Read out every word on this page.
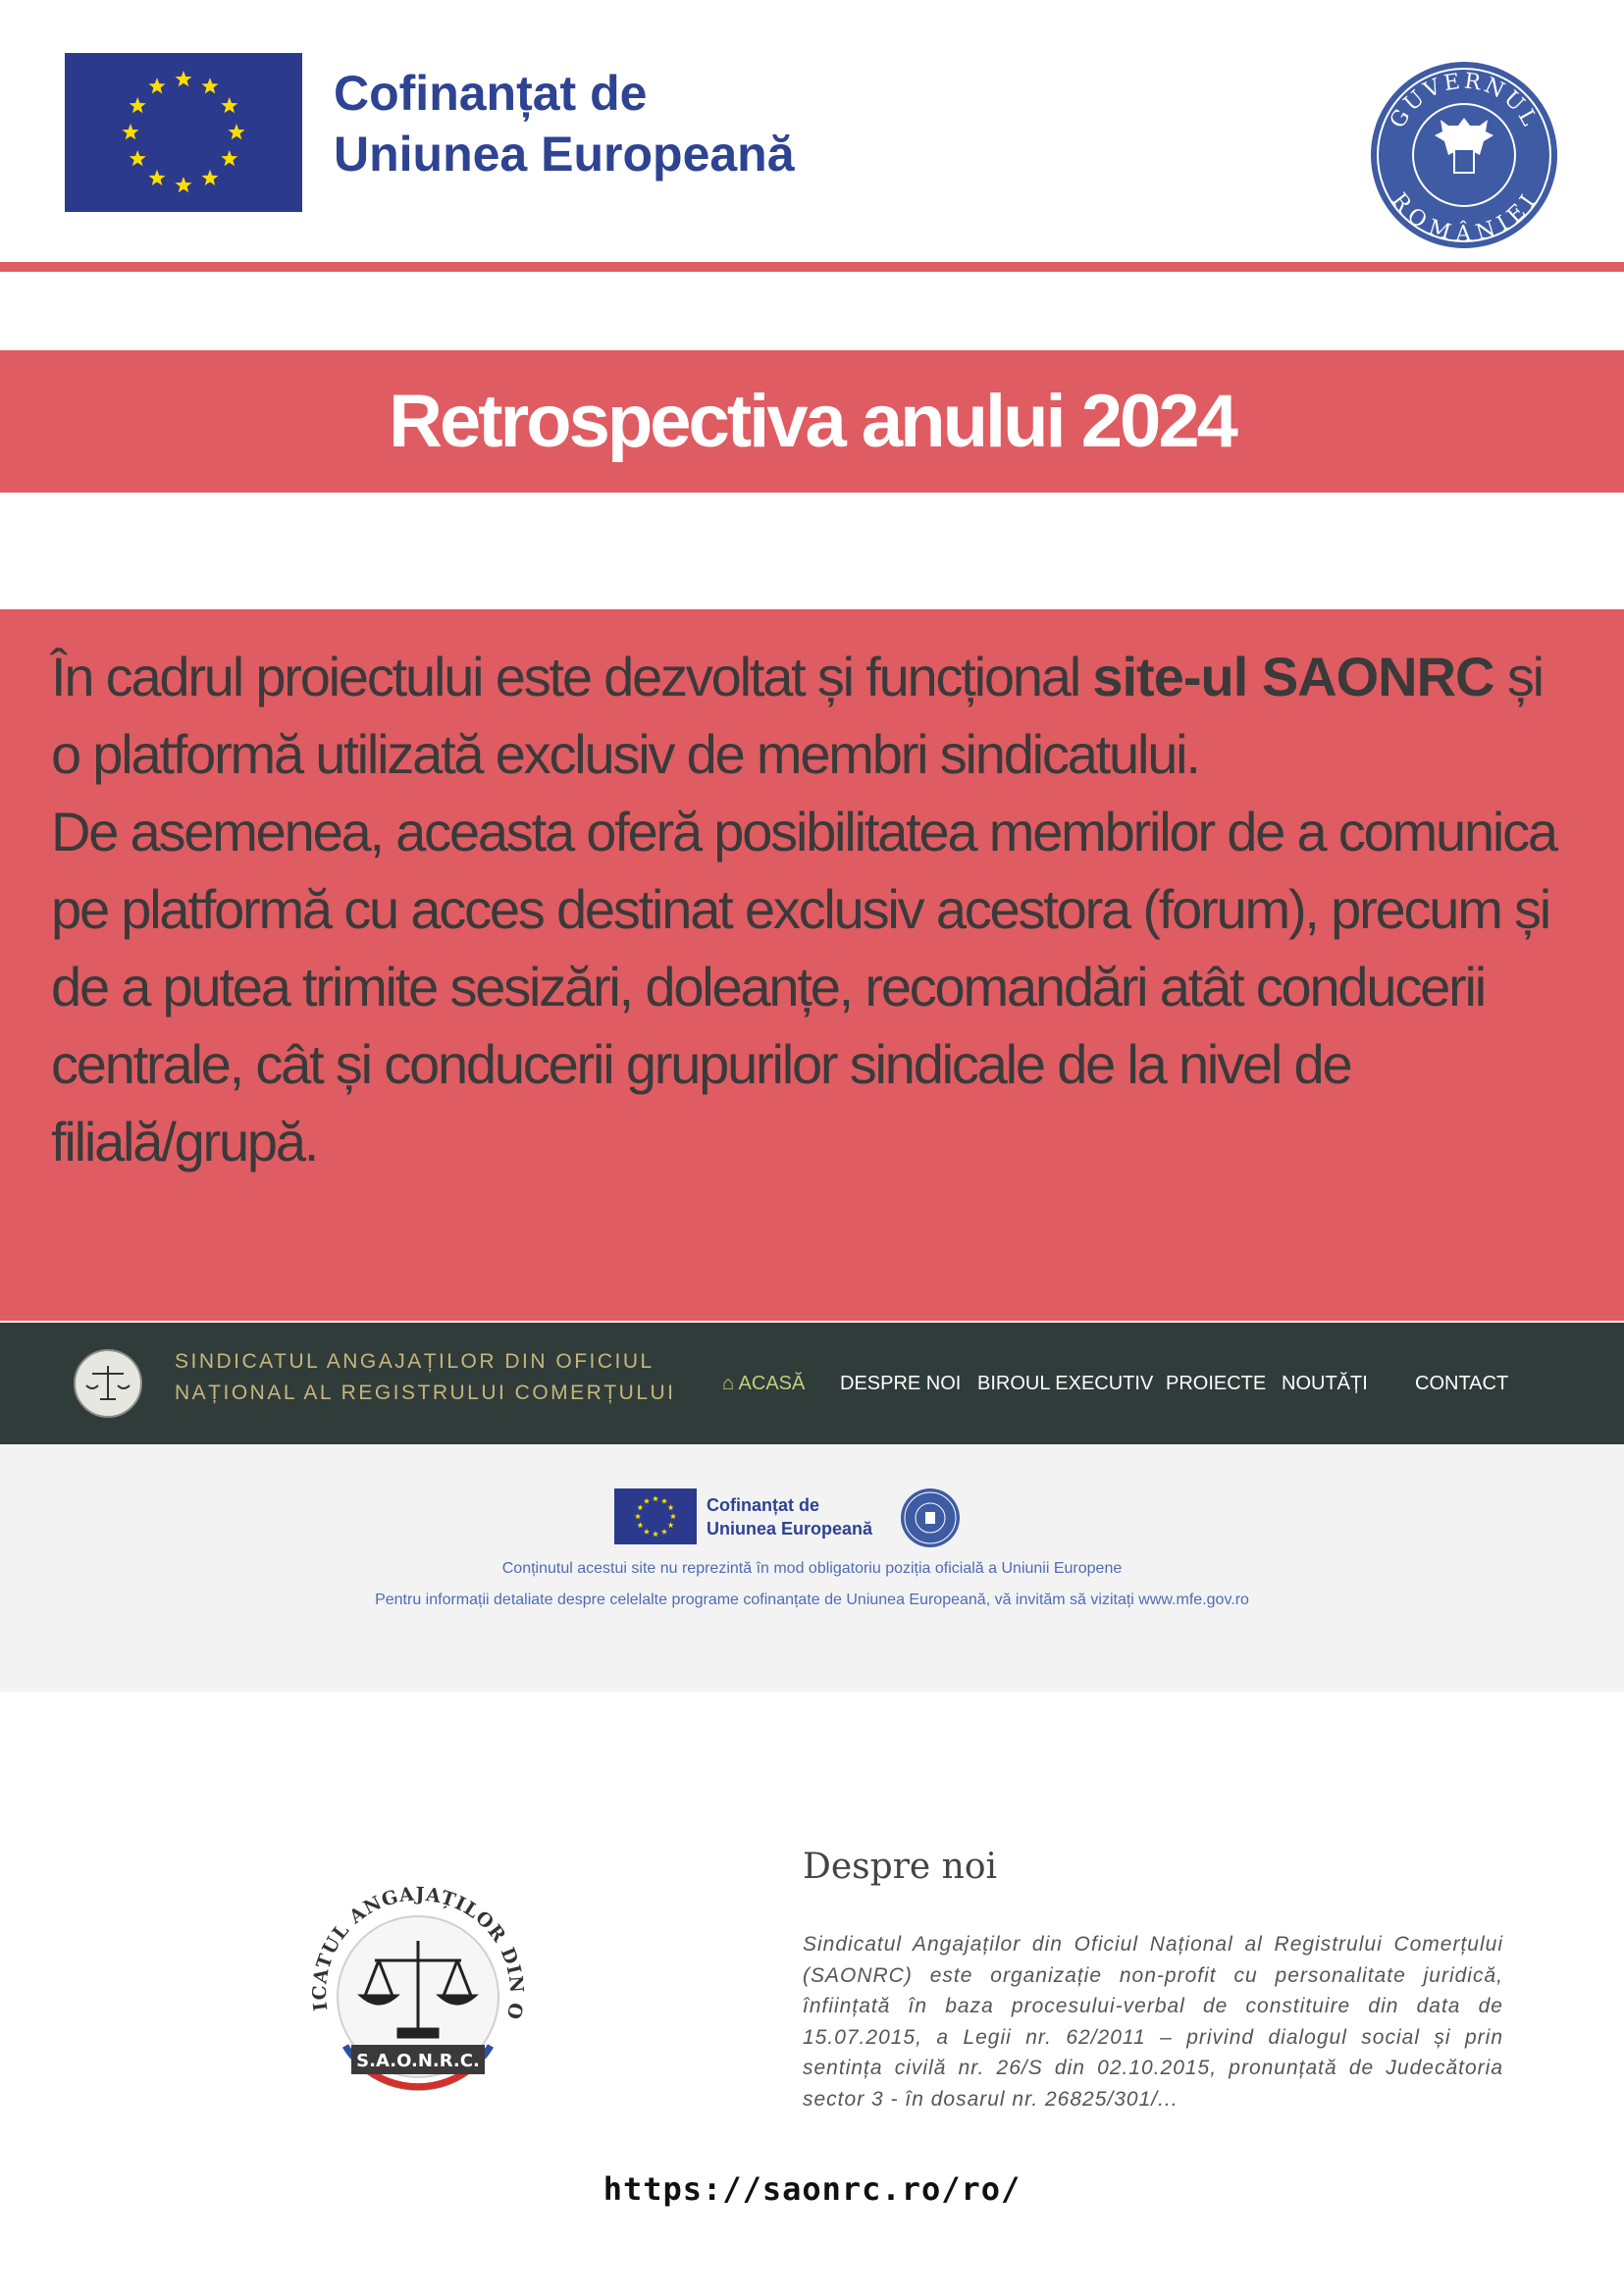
Cofinanțat de
Uniunea Europeană
GUVERNUL
ROMÂNIEI
Retrospectiva anului 2024
În cadrul proiectului este dezvoltat și funcțional site-ul SAONRC și o platformă utilizată exclusiv de membri sindicatului.
De asemenea, aceasta oferă posibilitatea membrilor de a comunica pe platformă cu acces destinat exclusiv acestora (forum), precum și de a putea trimite sesizări, doleanțe, recomandări atât conducerii centrale, cât și conducerii grupurilor sindicale de la nivel de filială/grupă.
SINDICATUL ANGAJAȚILOR DIN OFICIUL
NAȚIONAL AL REGISTRULUI COMERȚULUI ⌂ ACASĂ DESPRE NOI BIROUL EXECUTIV PROIECTE NOUTĂȚI CONTACT
Cofinanțat de
Uniunea Europeană
Conținutul acestui site nu reprezintă în mod obligatoriu poziția oficială a Uniunii Europene
Pentru informații detaliate despre celelalte programe cofinanțate de Uniunea Europeană, vă invităm să vizitați www.mfe.gov.ro
ICATUL ANGAJAȚILOR DIN O
S.A.O.N.R.C.
Despre noi
Sindicatul Angajaților din Oficiul Național al Registrului Comerțului (SAONRC) este organizație non-profit cu personalitate juridică, înființată în baza procesului-verbal de constituire din data de 15.07.2015, a Legii nr. 62/2011 – privind dialogul social și prin sentința civilă nr. 26/S din 02.10.2015, pronunțată de Judecătoria sector 3 - în dosarul nr. 26825/301/...
https://saonrc.ro/ro/
